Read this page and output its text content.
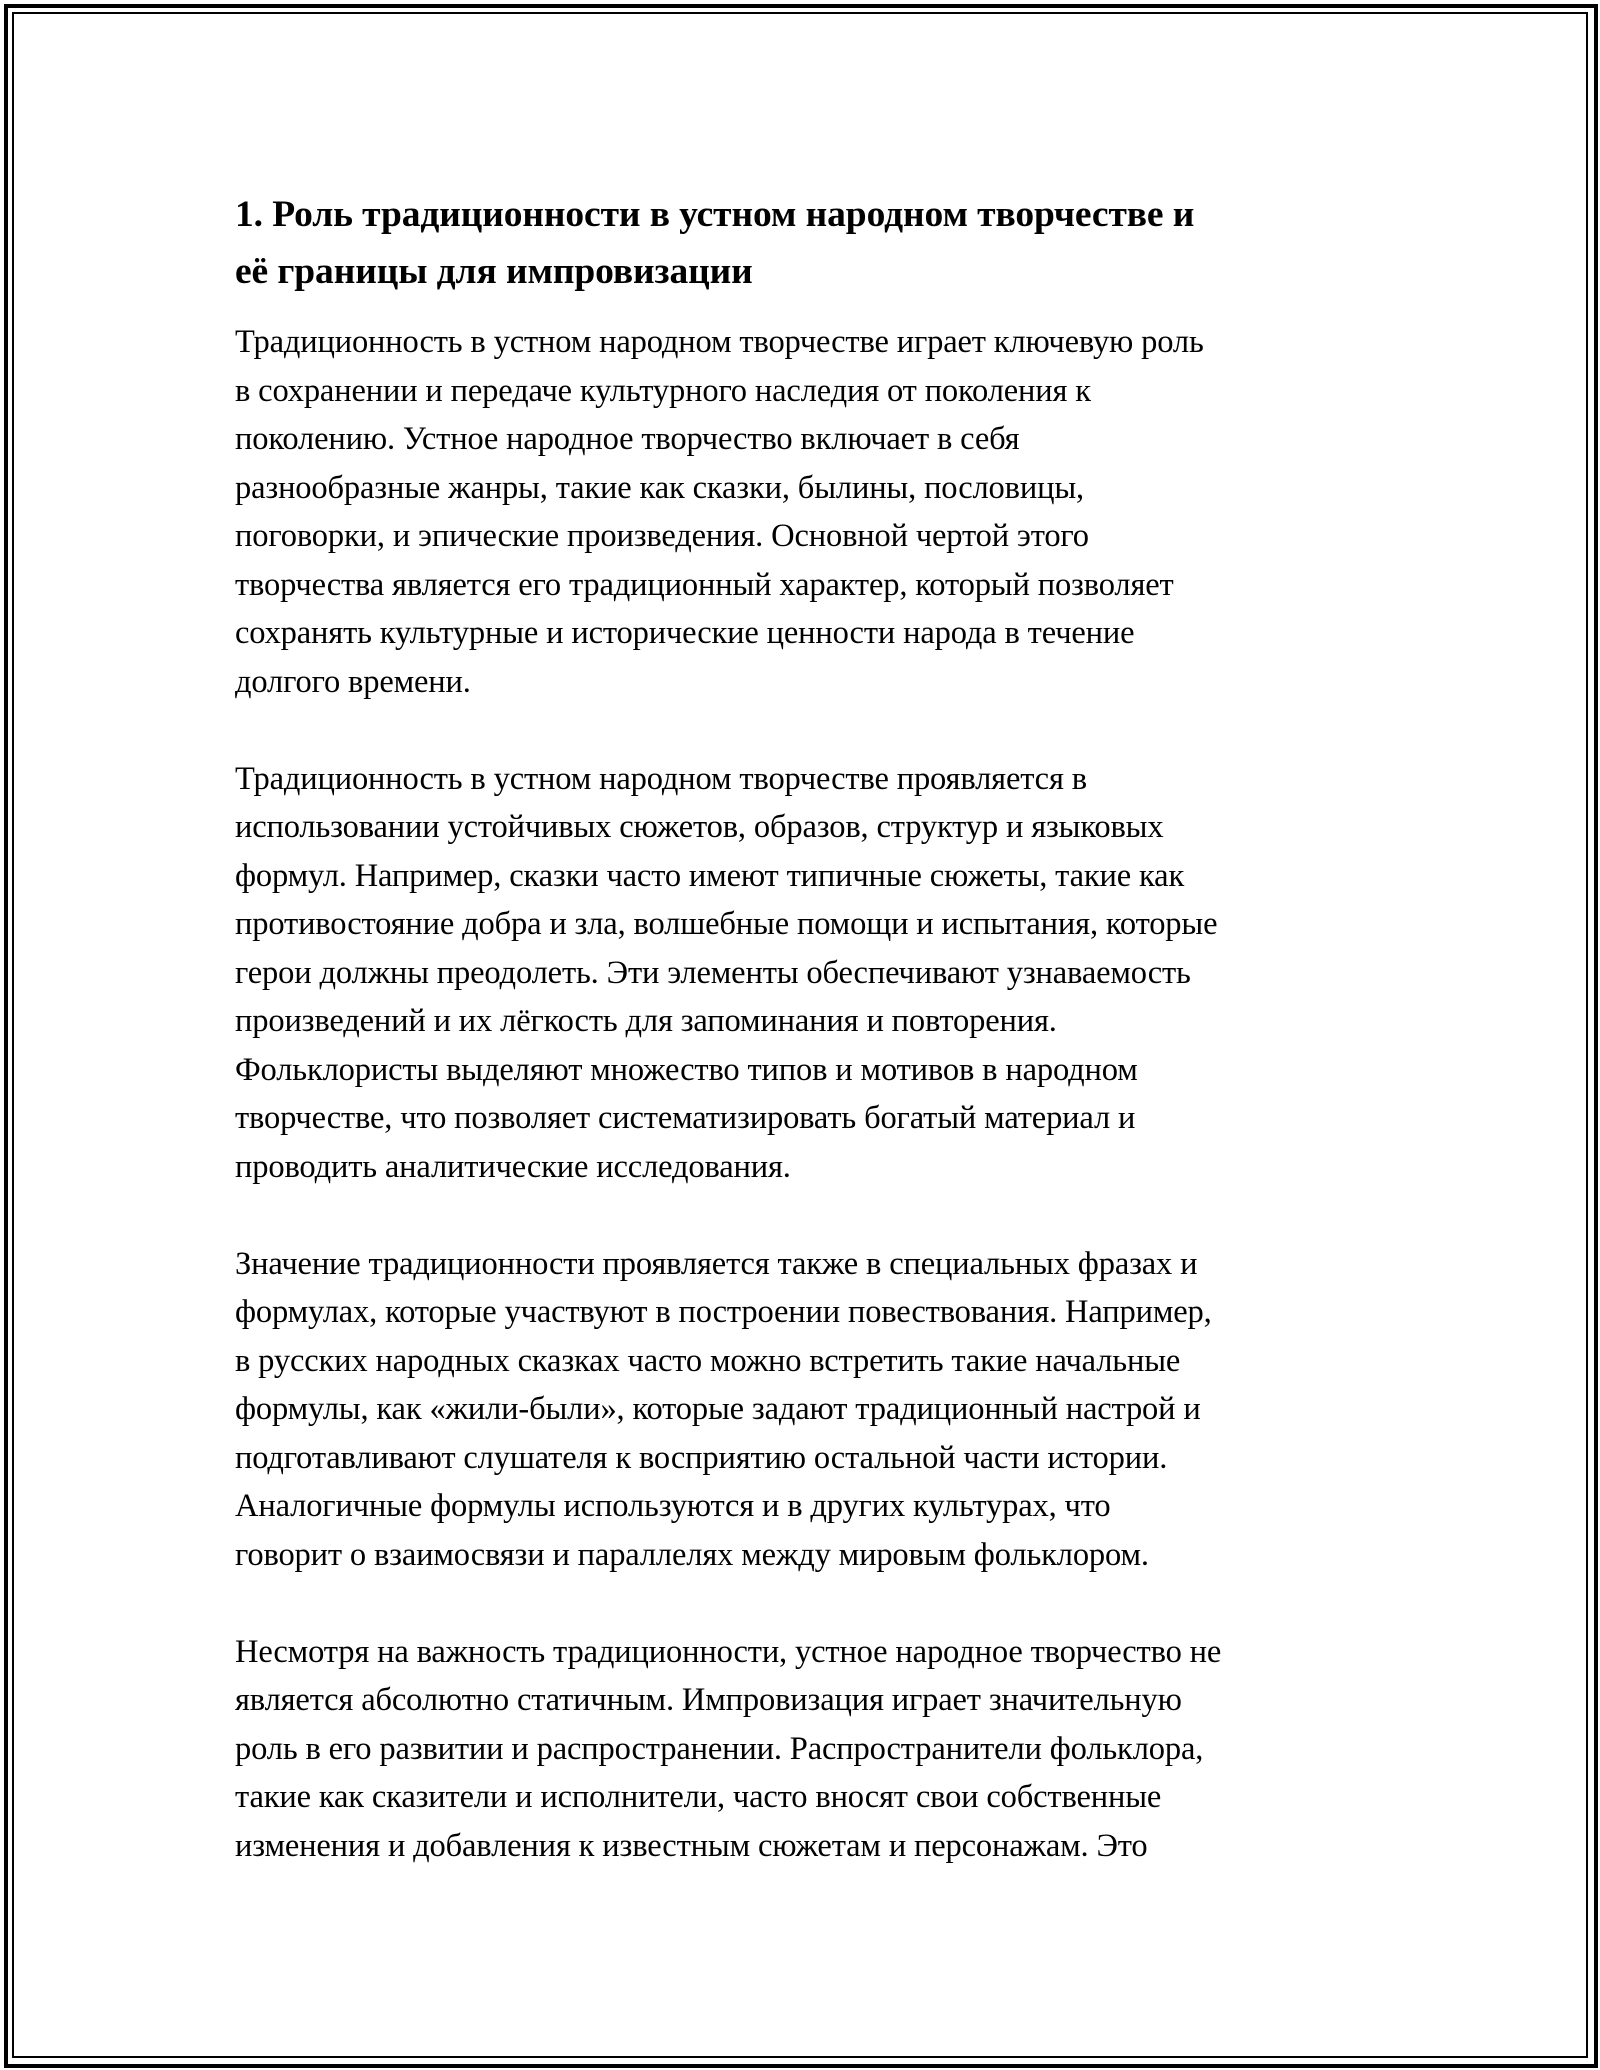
1. Роль традиционности в устном народном творчестве и
её границы для импровизации

Традиционность в устном народном творчестве играет ключевую роль
в сохранении и передаче культурного наследия от поколения к
поколению. Устное народное творчество включает в себя
разнообразные жанры, такие как сказки, былины, пословицы,
поговорки, и эпические произведения. Основной чертой этого
творчества является его традиционный характер, который позволяет
сохранять культурные и исторические ценности народа в течение
долгого времени.

Традиционность в устном народном творчестве проявляется в
использовании устойчивых сюжетов, образов, структур и языковых
формул. Например, сказки часто имеют типичные сюжеты, такие как
противостояние добра и зла, волшебные помощи и испытания, которые
герои должны преодолеть. Эти элементы обеспечивают узнаваемость
произведений и их лёгкость для запоминания и повторения.
Фольклористы выделяют множество типов и мотивов в народном
творчестве, что позволяет систематизировать богатый материал и
проводить аналитические исследования.

Значение традиционности проявляется также в специальных фразах и
формулах, которые участвуют в построении повествования. Например,
в русских народных сказках часто можно встретить такие начальные
формулы, как «жили-были», которые задают традиционный настрой и
подготавливают слушателя к восприятию остальной части истории.
Аналогичные формулы используются и в других культурах, что
говорит о взаимосвязи и параллелях между мировым фольклором.

Несмотря на важность традиционности, устное народное творчество не
является абсолютно статичным. Импровизация играет значительную
роль в его развитии и распространении. Распространители фольклора,
такие как сказители и исполнители, часто вносят свои собственные
изменения и добавления к известным сюжетам и персонажам. Это
